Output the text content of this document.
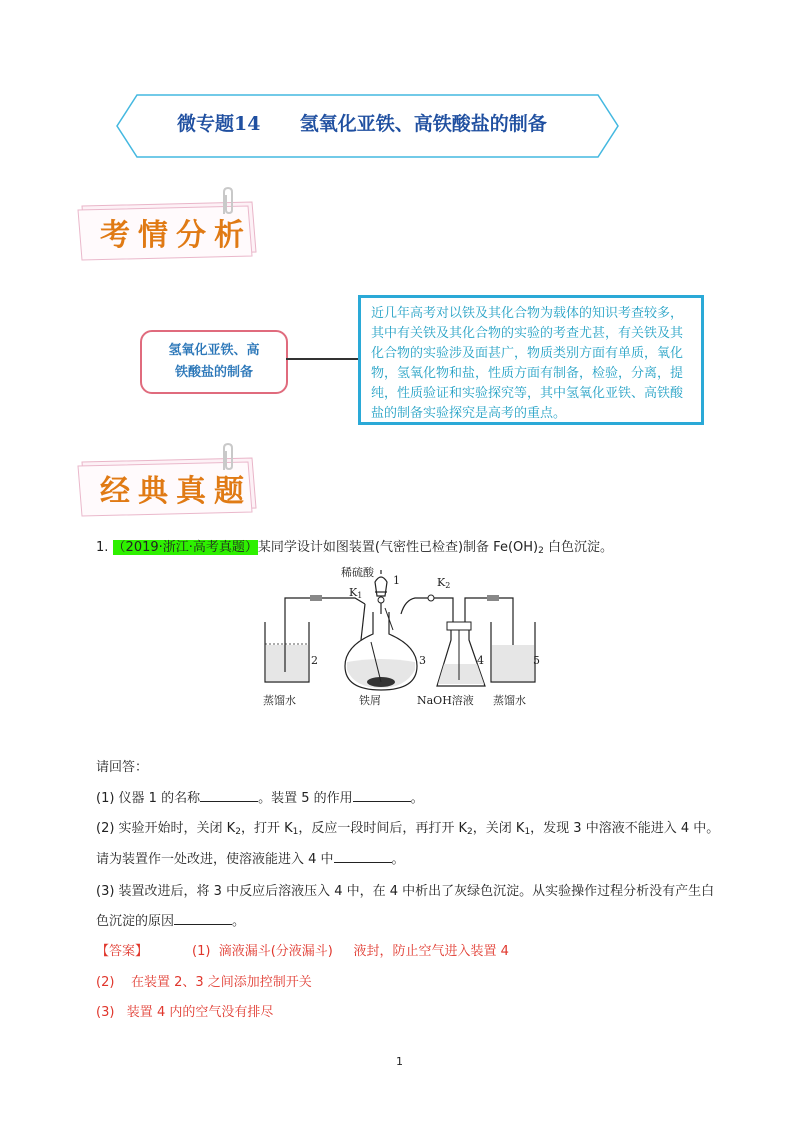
微专题14 氢氧化亚铁、高铁酸盐的制备
考情分析
氢氧化亚铁、高
铁酸盐的制备
近几年高考对以铁及其化合物为载体的知识考查较多，其中有关铁及其化合物的实验的考查尤甚，有关铁及其化合物的实验涉及面甚广，物质类别方面有单质，氧化物，氢氧化物和盐，性质方面有制备，检验，分离，提纯，性质验证和实验探究等，其中氢氧化亚铁、高铁酸盐的制备实验探究是高考的重点。
经典真题
1. （2019·浙江·高考真题）某同学设计如图装置(气密性已检查)制备 $Fe(OH)_2$ 白色沉淀。
稀硫酸
K1
K2
1
2	3	4	5
蒸馏水	铁屑	NaOH溶液 蒸馏水
请回答：
(1) 仪器 1 的名称	。装置 5 的作用	。
(2) 实验开始时，关闭 $K_2$，打开 $K_1$，反应一段时间后，再打开 $K_2$，关闭 $K_1$，发现 3 中溶液不能进入 4 中。
请为装置作一处改进，使溶液能进入 4 中	。
(3) 装置改进后，将 3 中反应后溶液压入 4 中，在 4 中析出了灰绿色沉淀。从实验操作过程分析没有产生白
色沉淀的原因	。
【答案】	(1)  滴液漏斗(分液漏斗)     液封，防止空气进入装置 4
(2)    在装置 2、3 之间添加控制开关
(3)   装置 4 内的空气没有排尽
1
